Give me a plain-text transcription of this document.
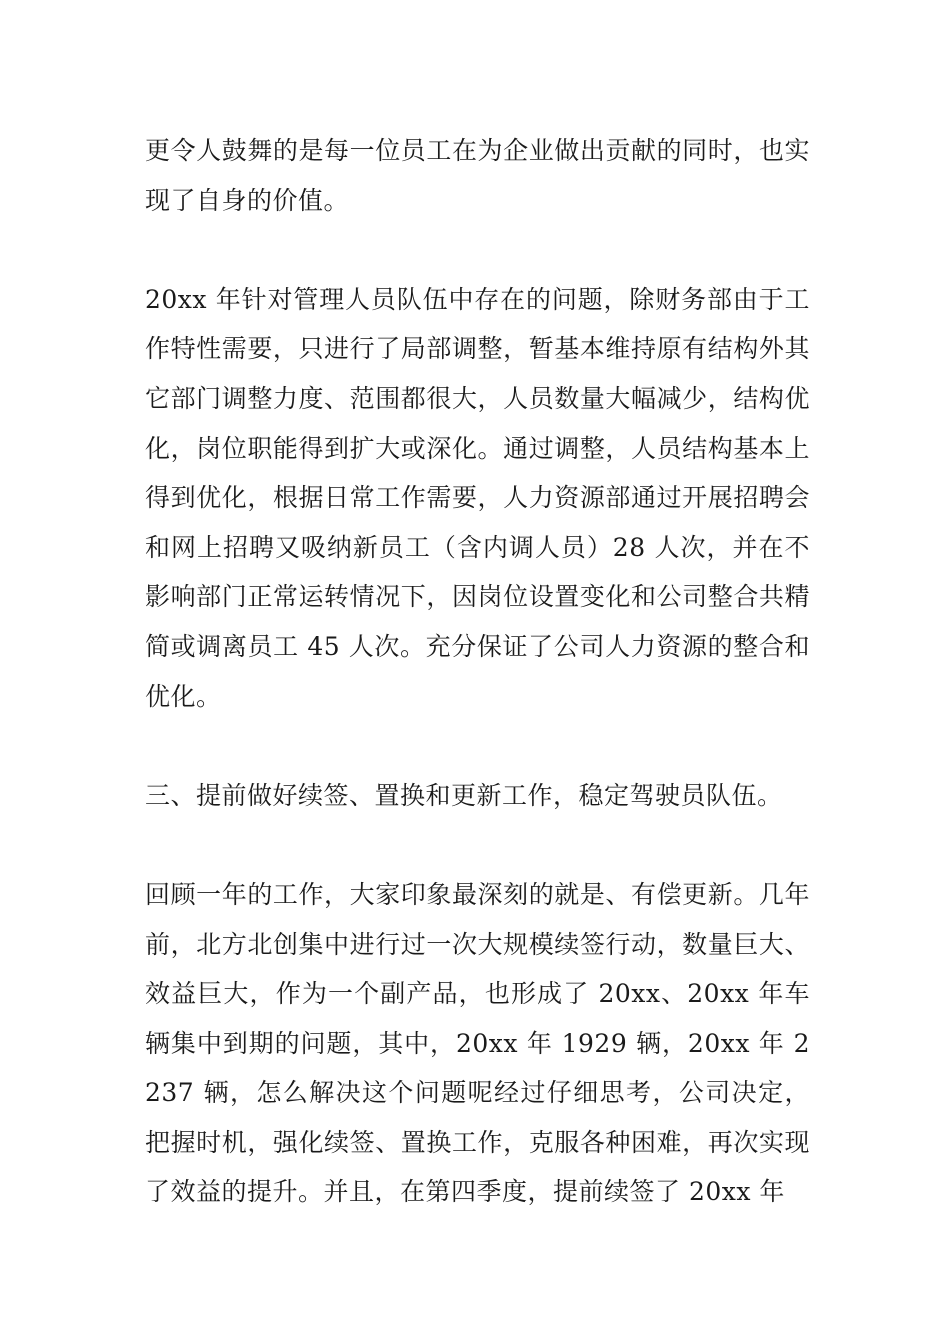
更令人鼓舞的是每一位员工在为企业做出贡献的同时，也实现了自身的价值。

20xx 年针对管理人员队伍中存在的问题，除财务部由于工作特性需要，只进行了局部调整，暂基本维持原有结构外其它部门调整力度、范围都很大，人员数量大幅减少，结构优化，岗位职能得到扩大或深化。通过调整，人员结构基本上得到优化，根据日常工作需要，人力资源部通过开展招聘会和网上招聘又吸纳新员工（含内调人员）28 人次，并在不影响部门正常运转情况下，因岗位设置变化和公司整合共精简或调离员工 45 人次。充分保证了公司人力资源的整合和优化。

三、提前做好续签、置换和更新工作，稳定驾驶员队伍。

回顾一年的工作，大家印象最深刻的就是、有偿更新。几年前，北方北创集中进行过一次大规模续签行动，数量巨大、效益巨大，作为一个副产品，也形成了 20xx、20xx 年车辆集中到期的问题，其中，20xx 年 1929 辆，20xx 年 2237 辆，怎么解决这个问题呢经过仔细思考，公司决定，把握时机，强化续签、置换工作，克服各种困难，再次实现了效益的提升。并且，在第四季度，提前续签了 20xx 年
